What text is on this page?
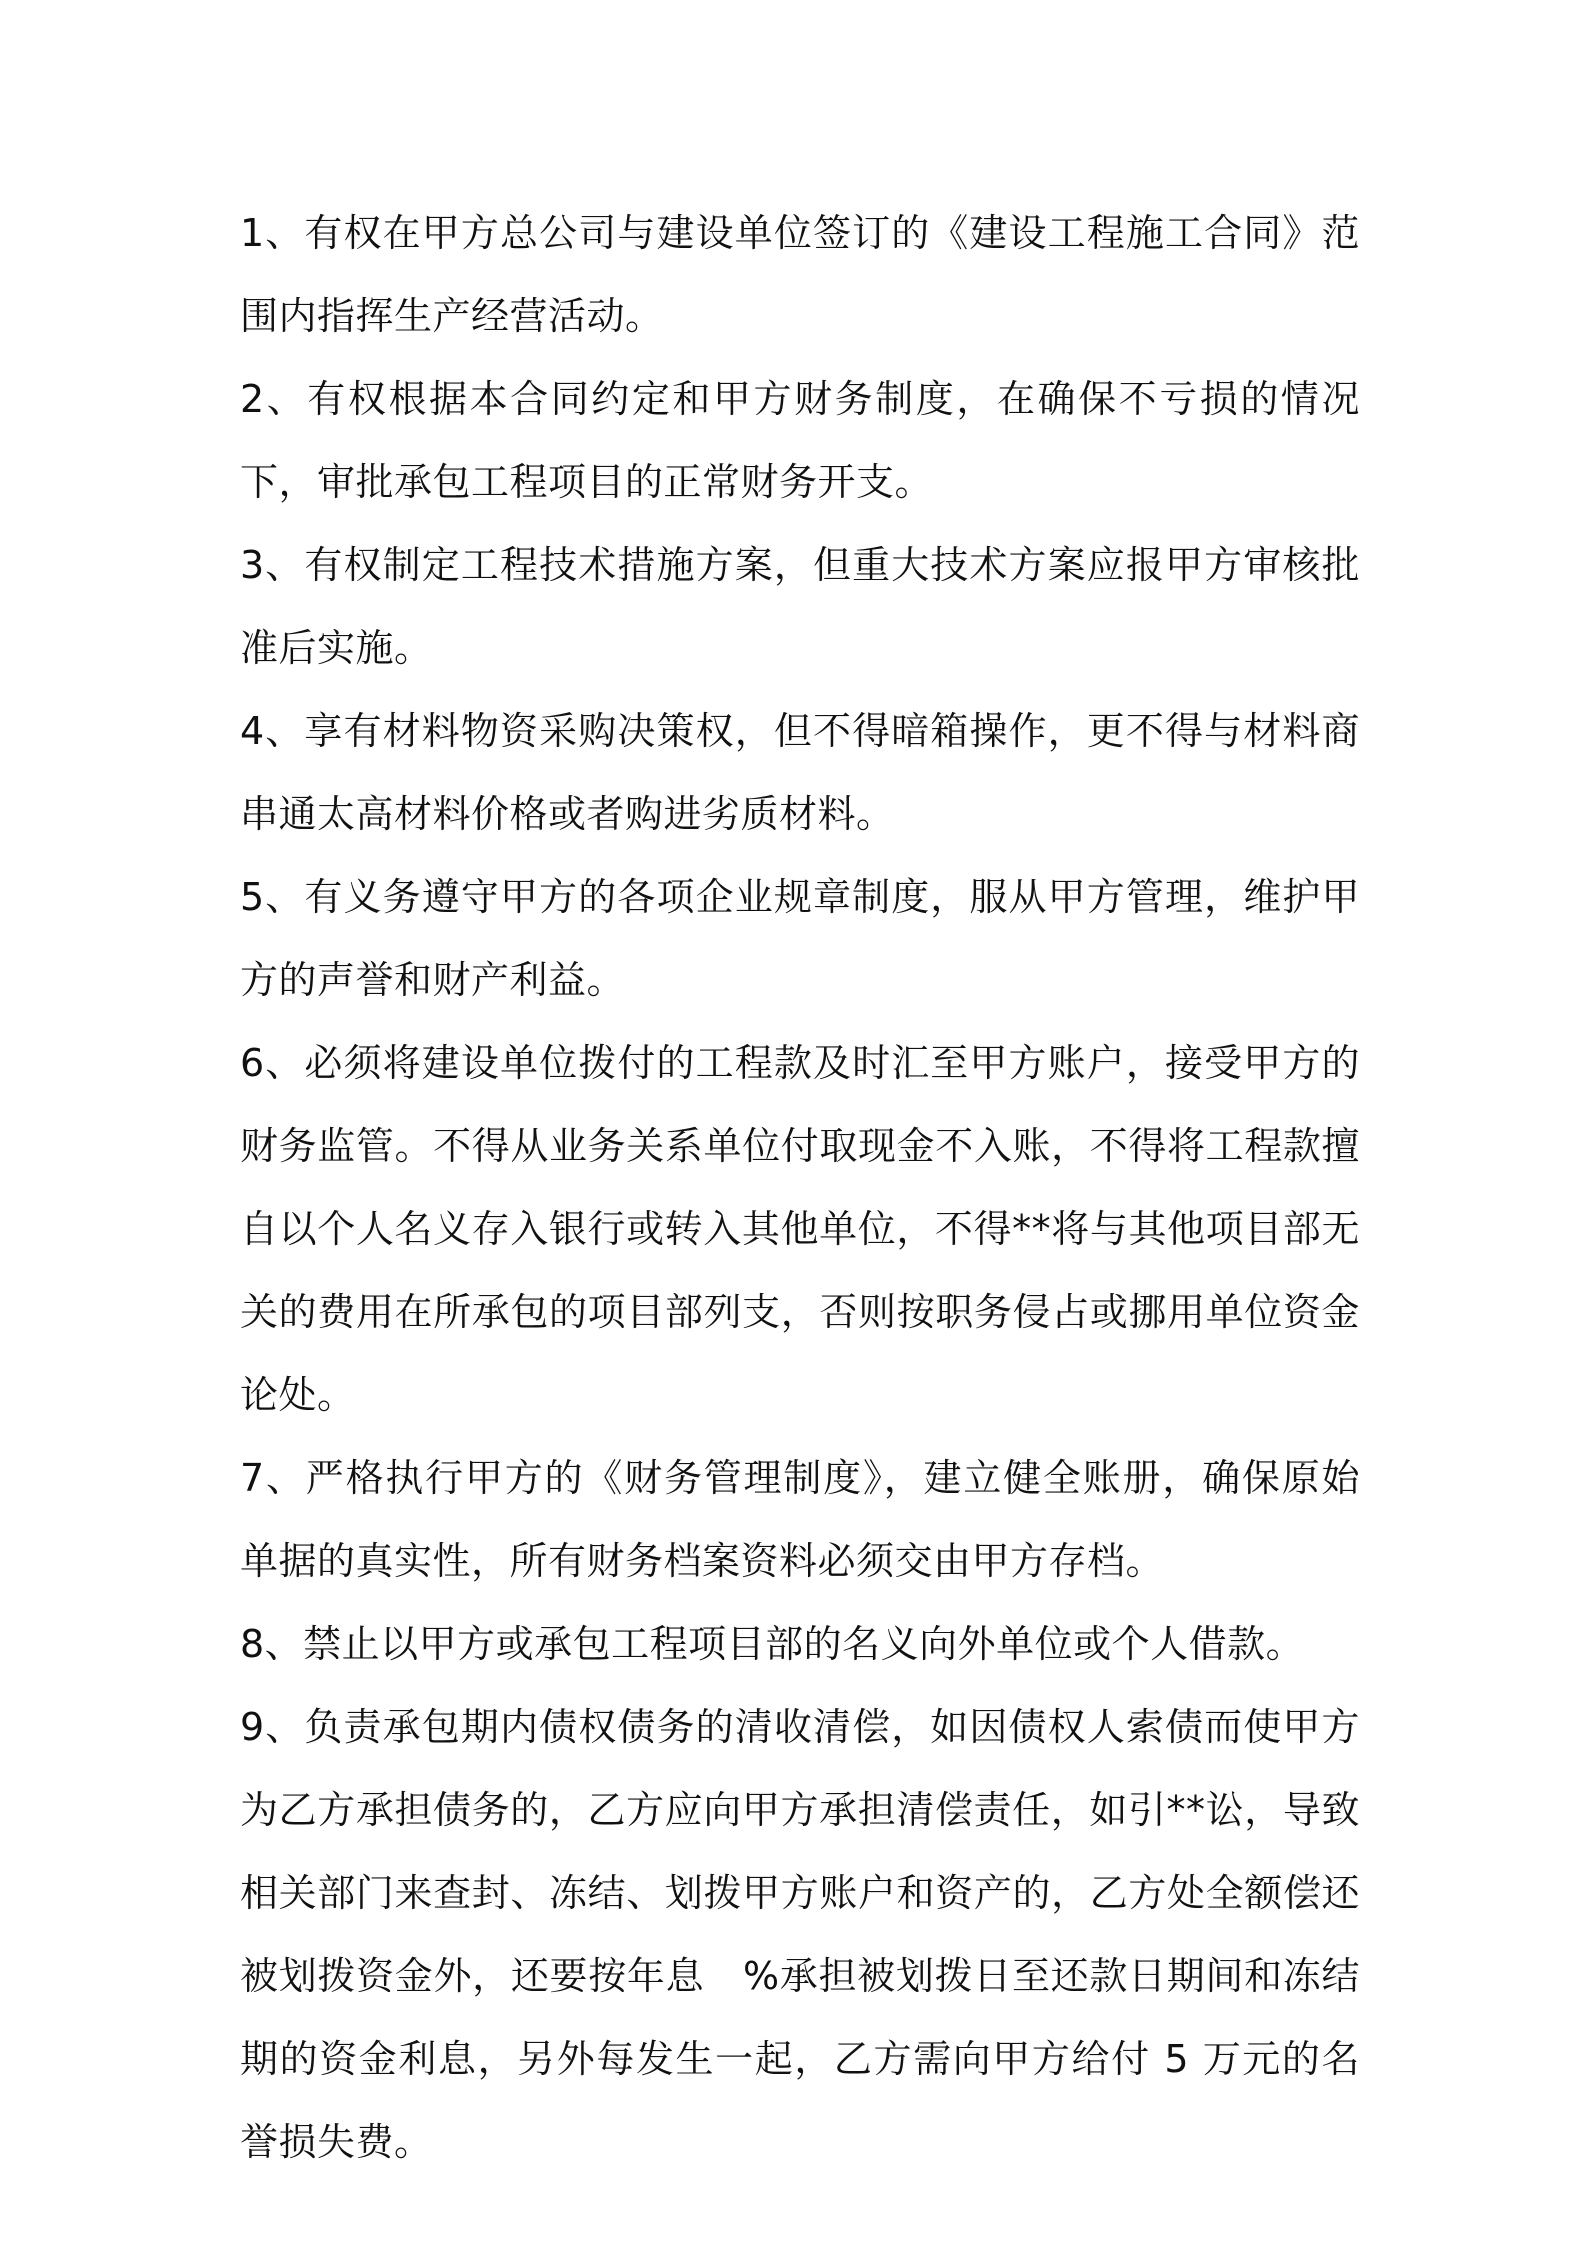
1、有权在甲方总公司与建设单位签订的《建设工程施工合同》范围内指挥生产经营活动。

2、有权根据本合同约定和甲方财务制度，在确保不亏损的情况下，审批承包工程项目的正常财务开支。

3、有权制定工程技术措施方案，但重大技术方案应报甲方审核批准后实施。

4、享有材料物资采购决策权，但不得暗箱操作，更不得与材料商串通太高材料价格或者购进劣质材料。

5、有义务遵守甲方的各项企业规章制度，服从甲方管理，维护甲方的声誉和财产利益。

6、必须将建设单位拨付的工程款及时汇至甲方账户，接受甲方的财务监管。不得从业务关系单位付取现金不入账，不得将工程款擅自以个人名义存入银行或转入其他单位，不得**将与其他项目部无关的费用在所承包的项目部列支，否则按职务侵占或挪用单位资金论处。

7、严格执行甲方的《财务管理制度》，建立健全账册，确保原始单据的真实性，所有财务档案资料必须交由甲方存档。

8、禁止以甲方或承包工程项目部的名义向外单位或个人借款。

9、负责承包期内债权债务的清收清偿，如因债权人索债而使甲方为乙方承担债务的，乙方应向甲方承担清偿责任，如引**讼，导致相关部门来查封、冻结、划拨甲方账户和资产的，乙方处全额偿还被划拨资金外，还要按年息　%承担被划拨日至还款日期间和冻结期的资金利息，另外每发生一起，乙方需向甲方给付 5 万元的名誉损失费。
